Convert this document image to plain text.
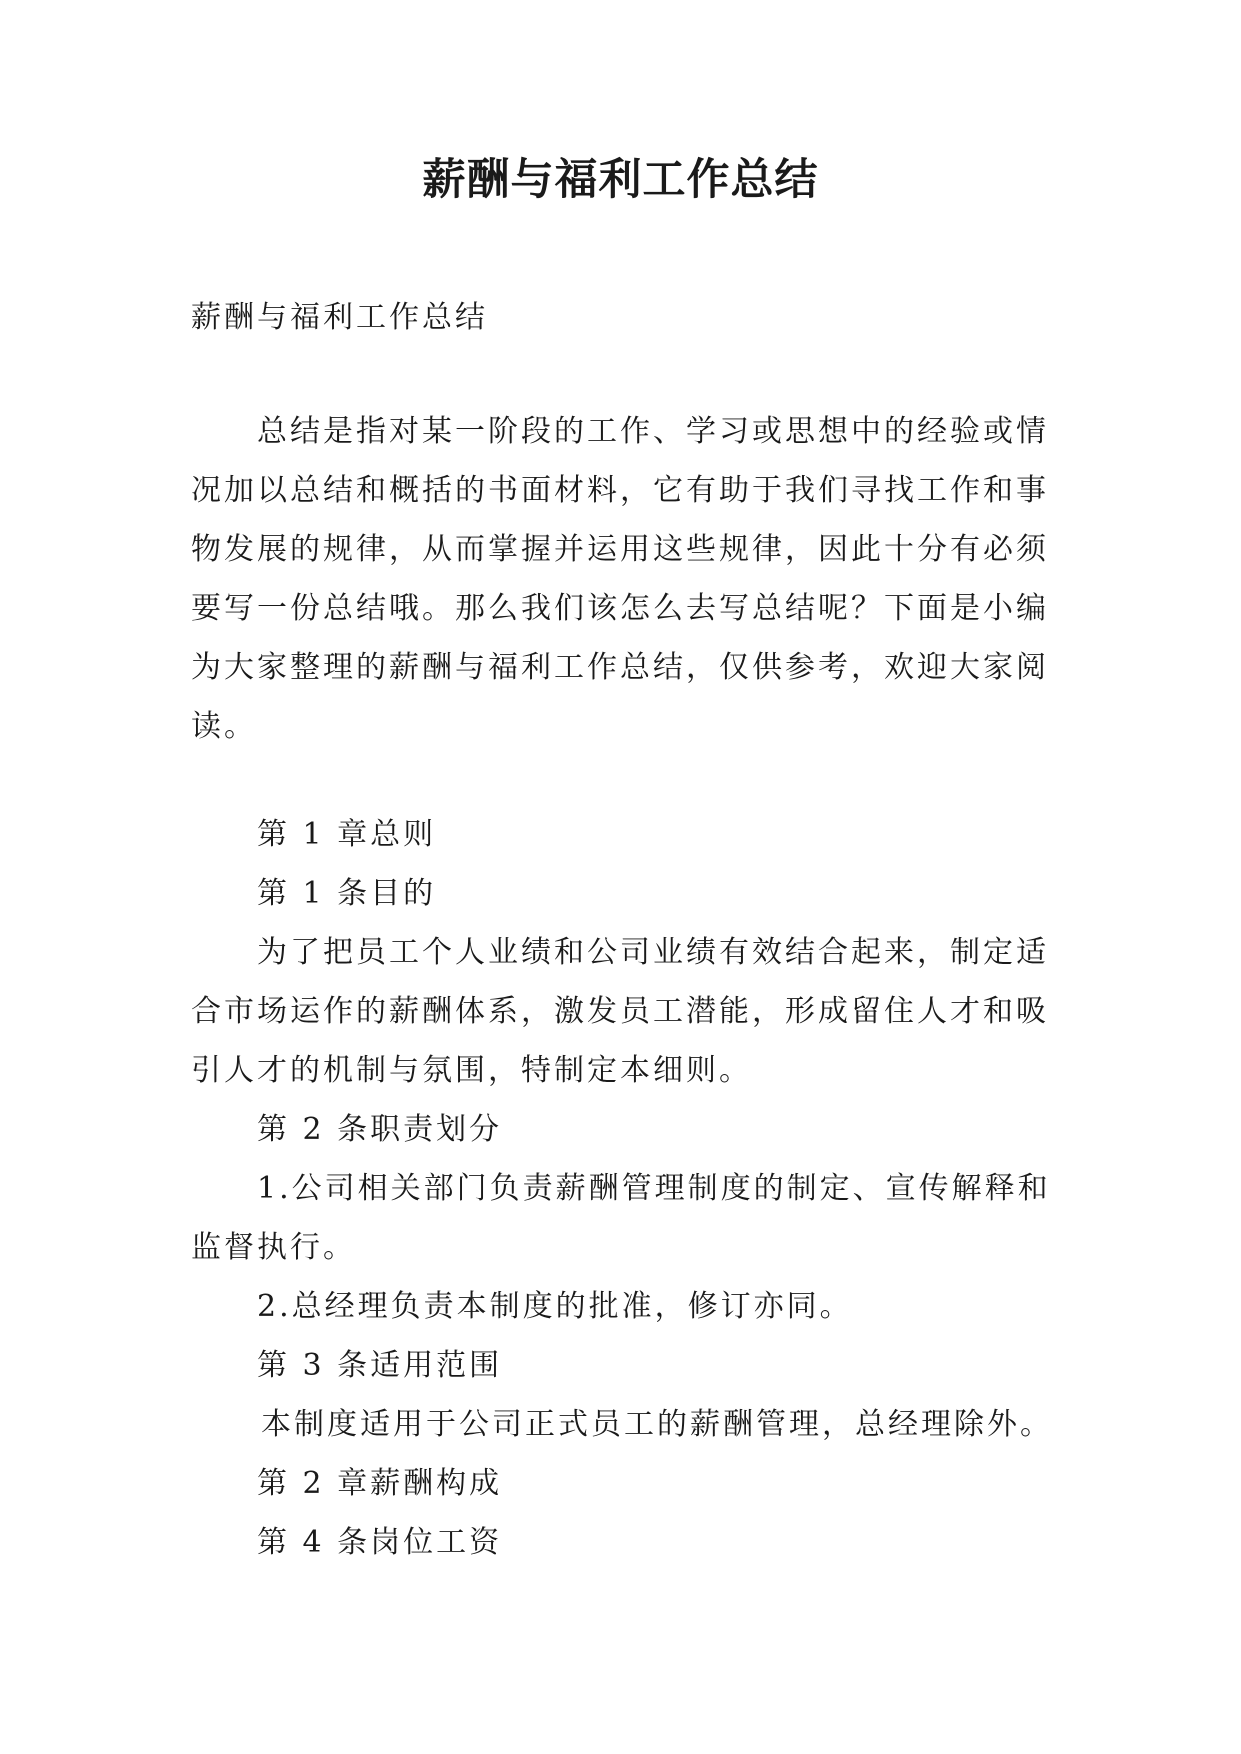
薪酬与福利工作总结

薪酬与福利工作总结

总结是指对某一阶段的工作、学习或思想中的经验或情况加以总结和概括的书面材料，它有助于我们寻找工作和事物发展的规律，从而掌握并运用这些规律，因此十分有必须要写一份总结哦。那么我们该怎么去写总结呢？下面是小编为大家整理的薪酬与福利工作总结，仅供参考，欢迎大家阅读。

第 1 章总则

第 1 条目的

为了把员工个人业绩和公司业绩有效结合起来，制定适合市场运作的薪酬体系，激发员工潜能，形成留住人才和吸引人才的机制与氛围，特制定本细则。

第 2 条职责划分

1.公司相关部门负责薪酬管理制度的制定、宣传解释和监督执行。

2.总经理负责本制度的批准，修订亦同。

第 3 条适用范围

本制度适用于公司正式员工的薪酬管理，总经理除外。

第 2 章薪酬构成

第 4 条岗位工资
